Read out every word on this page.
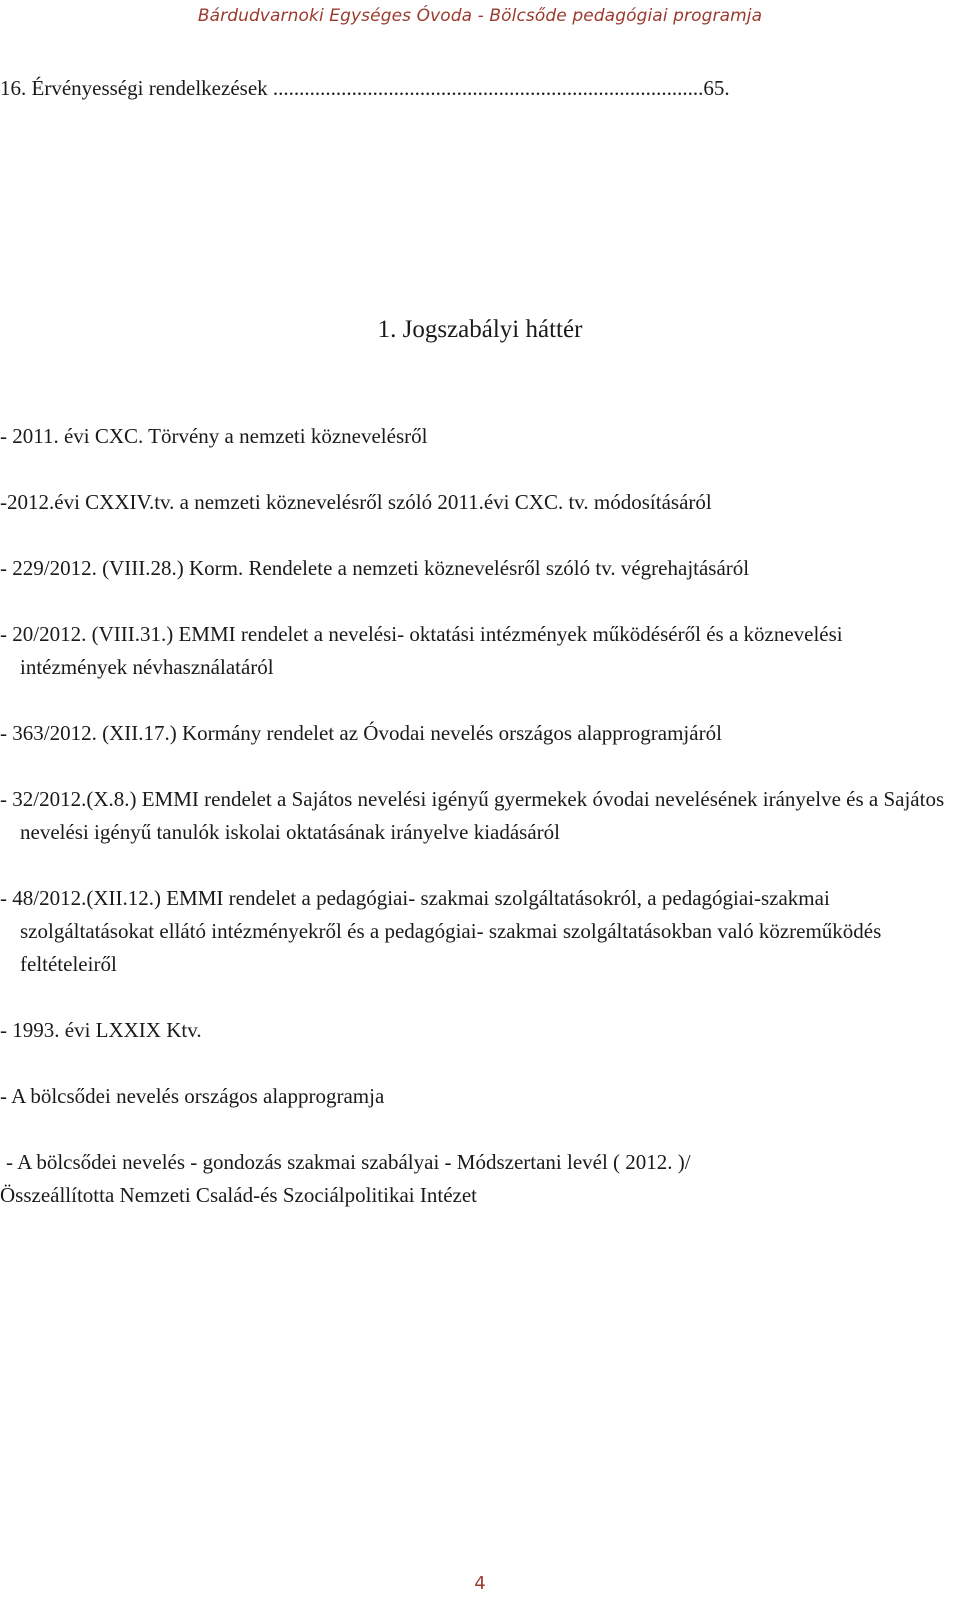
Bárdudvarnoki Egységes Óvoda - Bölcsőde pedagógiai programja
16. Érvényességi rendelkezések ..................................................................................65.
1. Jogszabályi háttér
- 2011. évi CXC. Törvény a nemzeti köznevelésről
-2012.évi CXXIV.tv. a nemzeti köznevelésről szóló 2011.évi CXC. tv. módosításáról
- 229/2012. (VIII.28.) Korm. Rendelete a nemzeti köznevelésről szóló tv. végrehajtásáról
- 20/2012. (VIII.31.) EMMI rendelet a nevelési- oktatási intézmények működéséről és a köznevelési intézmények névhasználatáról
- 363/2012. (XII.17.) Kormány rendelet az Óvodai nevelés országos alapprogramjáról
- 32/2012.(X.8.) EMMI rendelet a Sajátos nevelési igényű gyermekek óvodai nevelésének irányelve és a Sajátos nevelési igényű tanulók iskolai oktatásának irányelve kiadásáról
- 48/2012.(XII.12.) EMMI rendelet a pedagógiai- szakmai szolgáltatásokról, a pedagógiai-szakmai szolgáltatásokat ellátó intézményekről és a pedagógiai- szakmai szolgáltatásokban való közreműködés feltételeiről
- 1993. évi LXXIX Ktv.
- A bölcsődei nevelés országos alapprogramja
- A bölcsődei nevelés - gondozás szakmai szabályai - Módszertani levél ( 2012. )/
Összeállította Nemzeti Család-és Szociálpolitikai Intézet
4
